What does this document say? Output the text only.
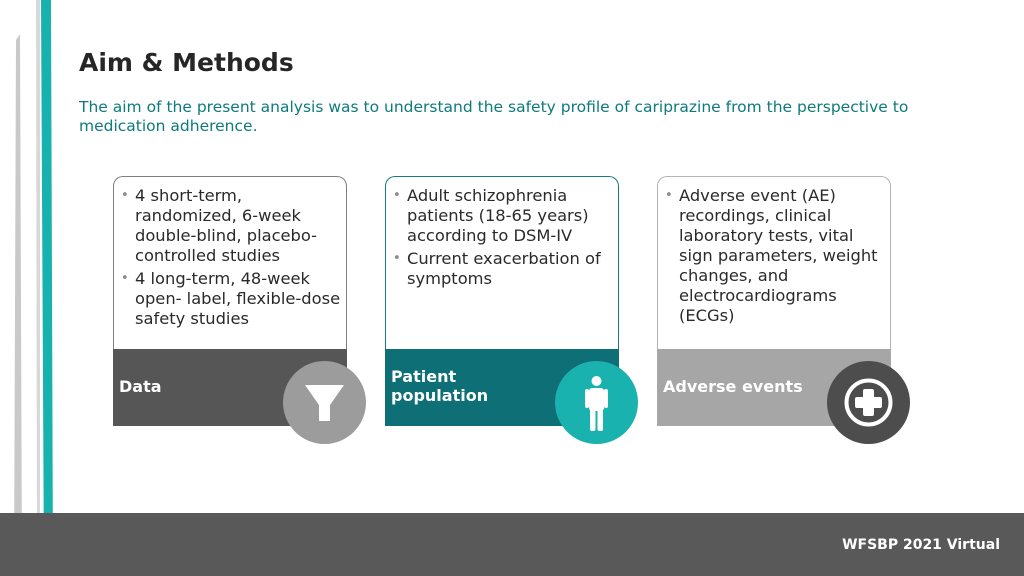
Aim & Methods

The aim of the present analysis was to understand the safety profile of cariprazine from the perspective to medication adherence.

• 4 short-term, randomized, 6-week double-blind, placebo-controlled studies
• 4 long-term, 48-week open- label, flexible-dose safety studies
Data
• Adult schizophrenia patients (18-65 years) according to DSM-IV
• Current exacerbation of symptoms
Patient population
• Adverse event (AE) recordings, clinical laboratory tests, vital sign parameters, weight changes, and electrocardiograms (ECGs)
Adverse events
WFSBP 2021 Virtual
